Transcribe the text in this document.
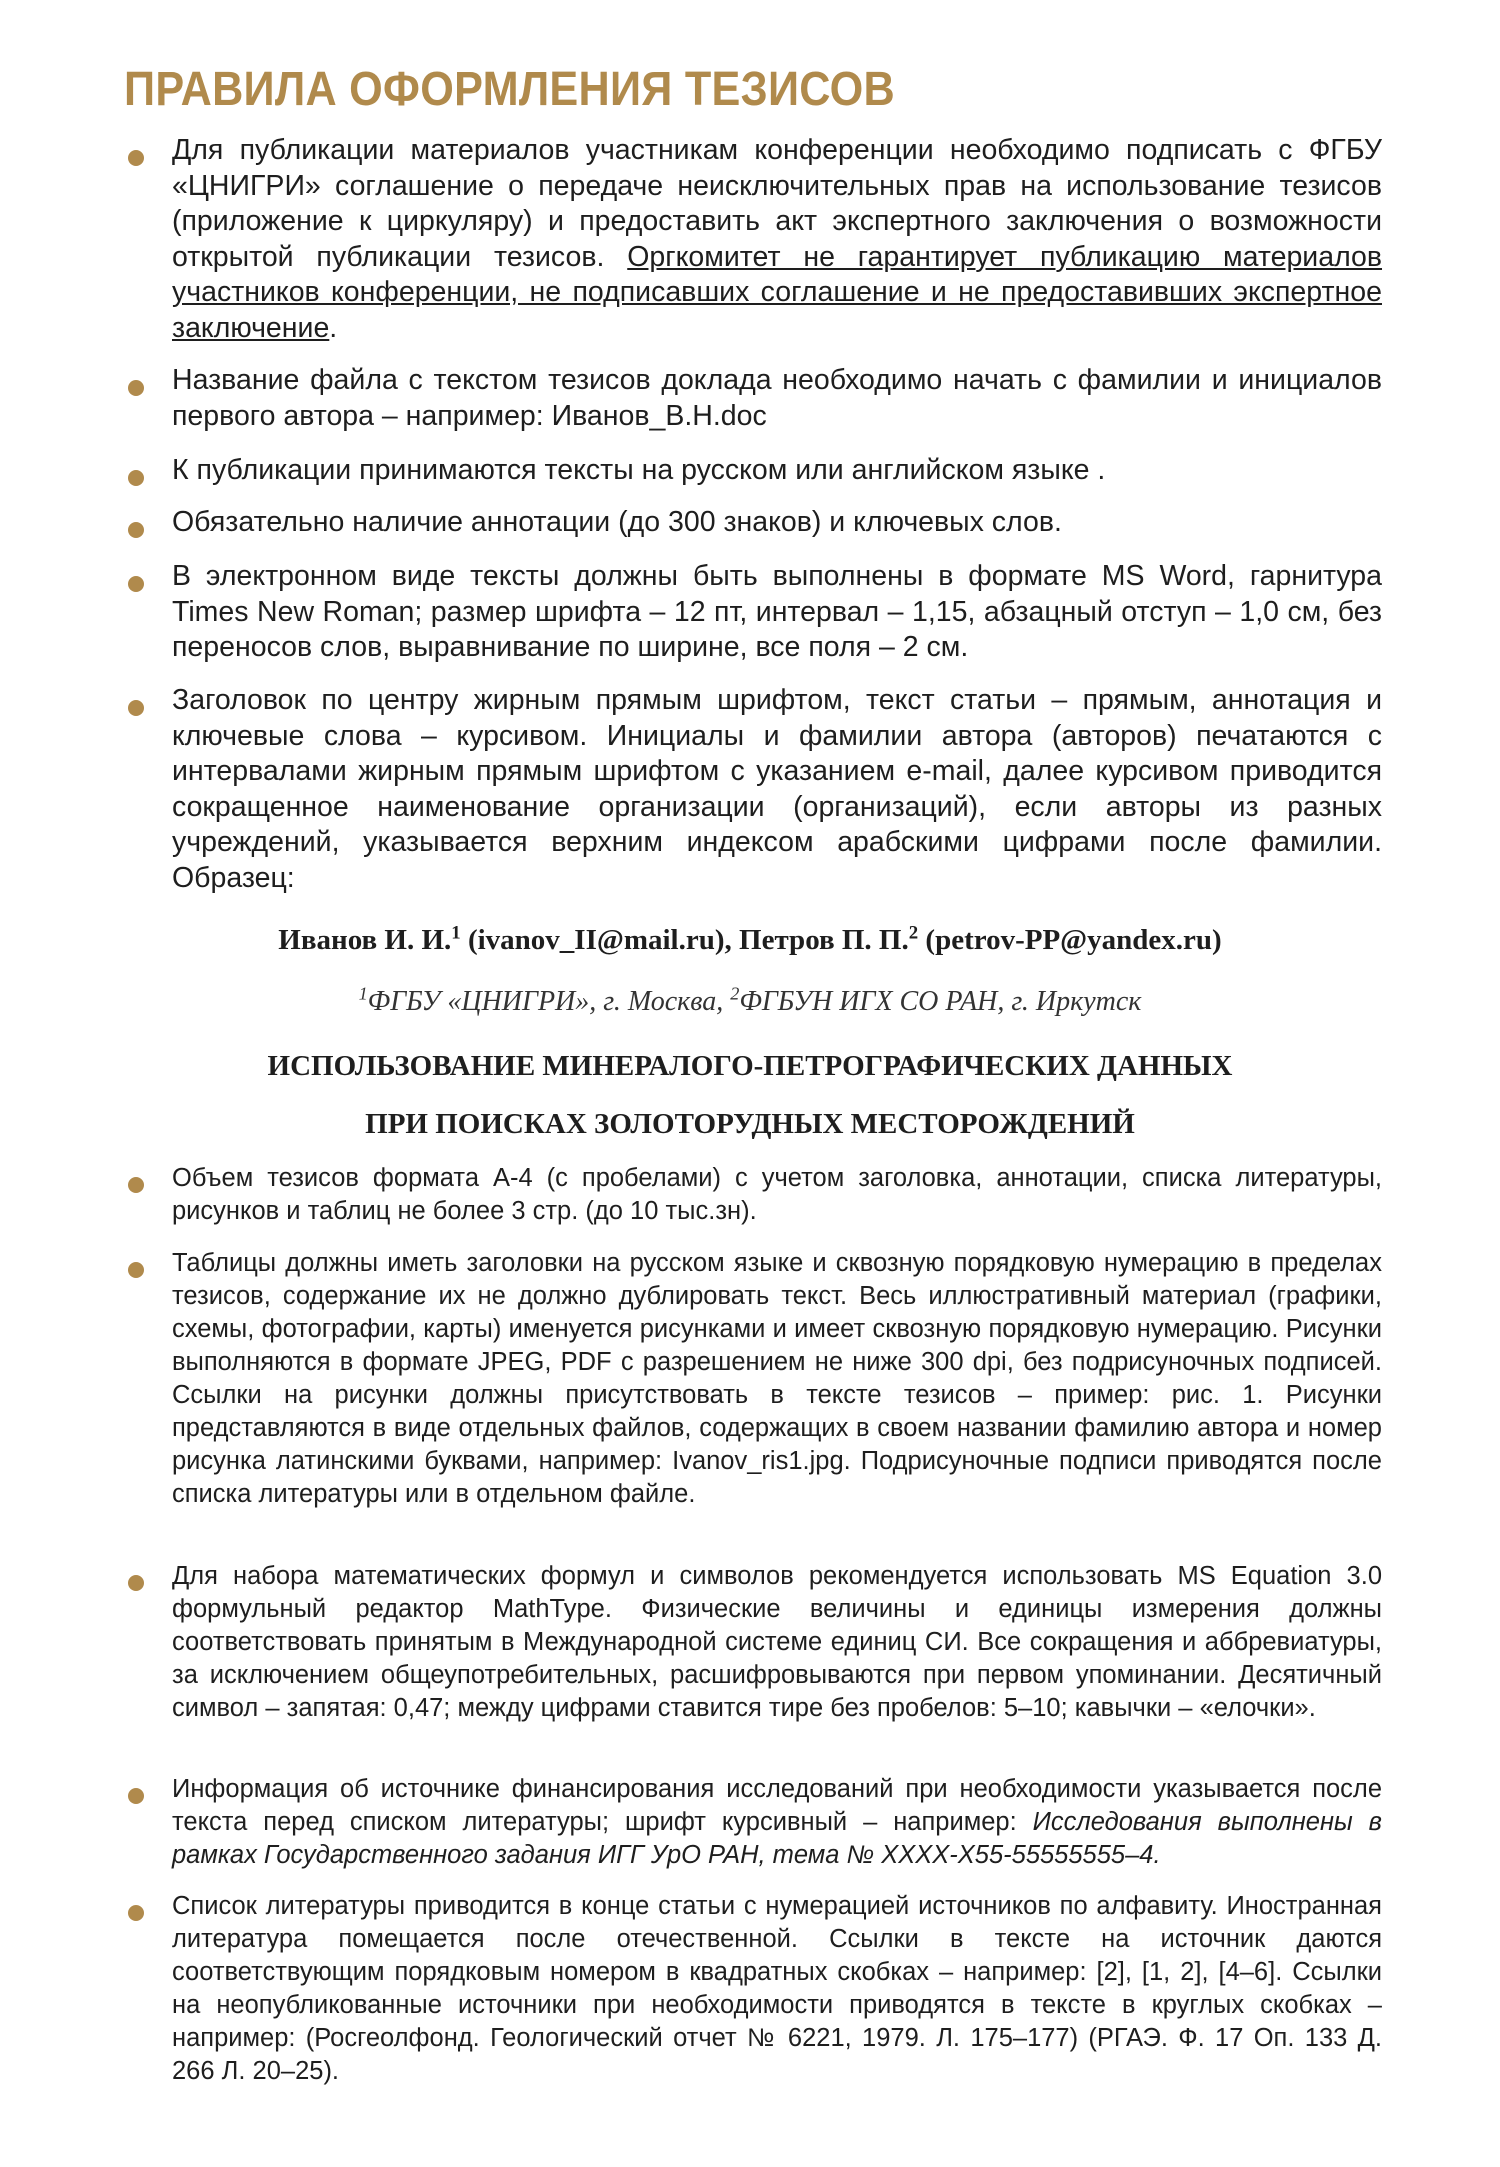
ПРАВИЛА ОФОРМЛЕНИЯ ТЕЗИСОВ

Для публикации материалов участникам конференции необходимо подписать с ФГБУ «ЦНИГРИ» соглашение о передаче неисключительных прав на использование тезисов (приложение к циркуляру) и предоставить акт экспертного заключения о возможности открытой публикации тезисов. Оргкомитет не гарантирует публикацию материалов участников конференции, не подписавших соглашение и не предоставивших экспертное заключение.

Название файла с текстом тезисов доклада необходимо начать с фамилии и инициалов первого автора – например: Иванов_В.Н.doc

К публикации принимаются тексты на русском или английском языке .

Обязательно наличие аннотации (до 300 знаков) и ключевых слов.

В электронном виде тексты должны быть выполнены в формате MS Word, гарнитура Times New Roman; размер шрифта – 12 пт, интервал – 1,15, абзацный отступ – 1,0 см, без переносов слов, выравнивание по ширине, все поля – 2 см.

Заголовок по центру жирным прямым шрифтом, текст статьи – прямым, аннотация и ключевые слова – курсивом. Инициалы и фамилии автора (авторов) печатаются с интервалами жирным прямым шрифтом с указанием e-mail, далее курсивом приводится сокращенное наименование организации (организаций), если авторы из разных учреждений, указывается верхним индексом арабскими цифрами после фамилии. Образец:

Иванов И. И.$^1$ (ivanov_II@mail.ru), Петров П. П.$^2$ (petrov-PP@yandex.ru)

$^1$ФГБУ «ЦНИГРИ», г. Москва, $^2$ФГБУН ИГХ СО РАН, г. Иркутск

ИСПОЛЬЗОВАНИЕ МИНЕРАЛОГО-ПЕТРОГРАФИЧЕСКИХ ДАННЫХ

ПРИ ПОИСКАХ ЗОЛОТОРУДНЫХ МЕСТОРОЖДЕНИЙ

Объем тезисов формата А-4 (с пробелами) с учетом заголовка, аннотации, списка литературы, рисунков и таблиц не более 3 стр. (до 10 тыс.зн).

Таблицы должны иметь заголовки на русском языке и сквозную порядковую нумерацию в пределах тезисов, содержание их не должно дублировать текст. Весь иллюстративный материал (графики, схемы, фотографии, карты) именуется рисунками и имеет сквозную порядковую нумерацию. Рисунки выполняются в формате JPEG, PDF с разрешением не ниже 300 dpi, без подрисуночных подписей. Ссылки на рисунки должны присутствовать в тексте тезисов – пример: рис. 1. Рисунки представляются в виде отдельных файлов, содержащих в своем названии фамилию автора и номер рисунка латинскими буквами, например: Ivanov_ris1.jpg. Подрисуночные подписи приводятся после списка литературы или в отдельном файле.

Для набора математических формул и символов рекомендуется использовать MS Equation 3.0 формульный редактор MathType. Физические величины и единицы измерения должны соответствовать принятым в Международной системе единиц СИ. Все сокращения и аббревиатуры, за исключением общеупотребительных, расшифровываются при первом упоминании. Десятичный символ – запятая: 0,47; между цифрами ставится тире без пробелов: 5–10; кавычки – «елочки».

Информация об источнике финансирования исследований при необходимости указывается после текста перед списком литературы; шрифт курсивный – например: Исследования выполнены в рамках Государственного задания ИГГ УрО РАН, тема № ХХХХ-Х55-55555555–4.

Список литературы приводится в конце статьи с нумерацией источников по алфавиту. Иностранная литература помещается после отечественной. Ссылки в тексте на источник даются соответствующим порядковым номером в квадратных скобках – например: [2], [1, 2], [4–6]. Ссылки на неопубликованные источники при необходимости приводятся в тексте в круглых скобках – например: (Росгеолфонд. Геологический отчет № 6221, 1979. Л. 175–177) (РГАЭ. Ф. 17 Оп. 133 Д. 266 Л. 20–25).
